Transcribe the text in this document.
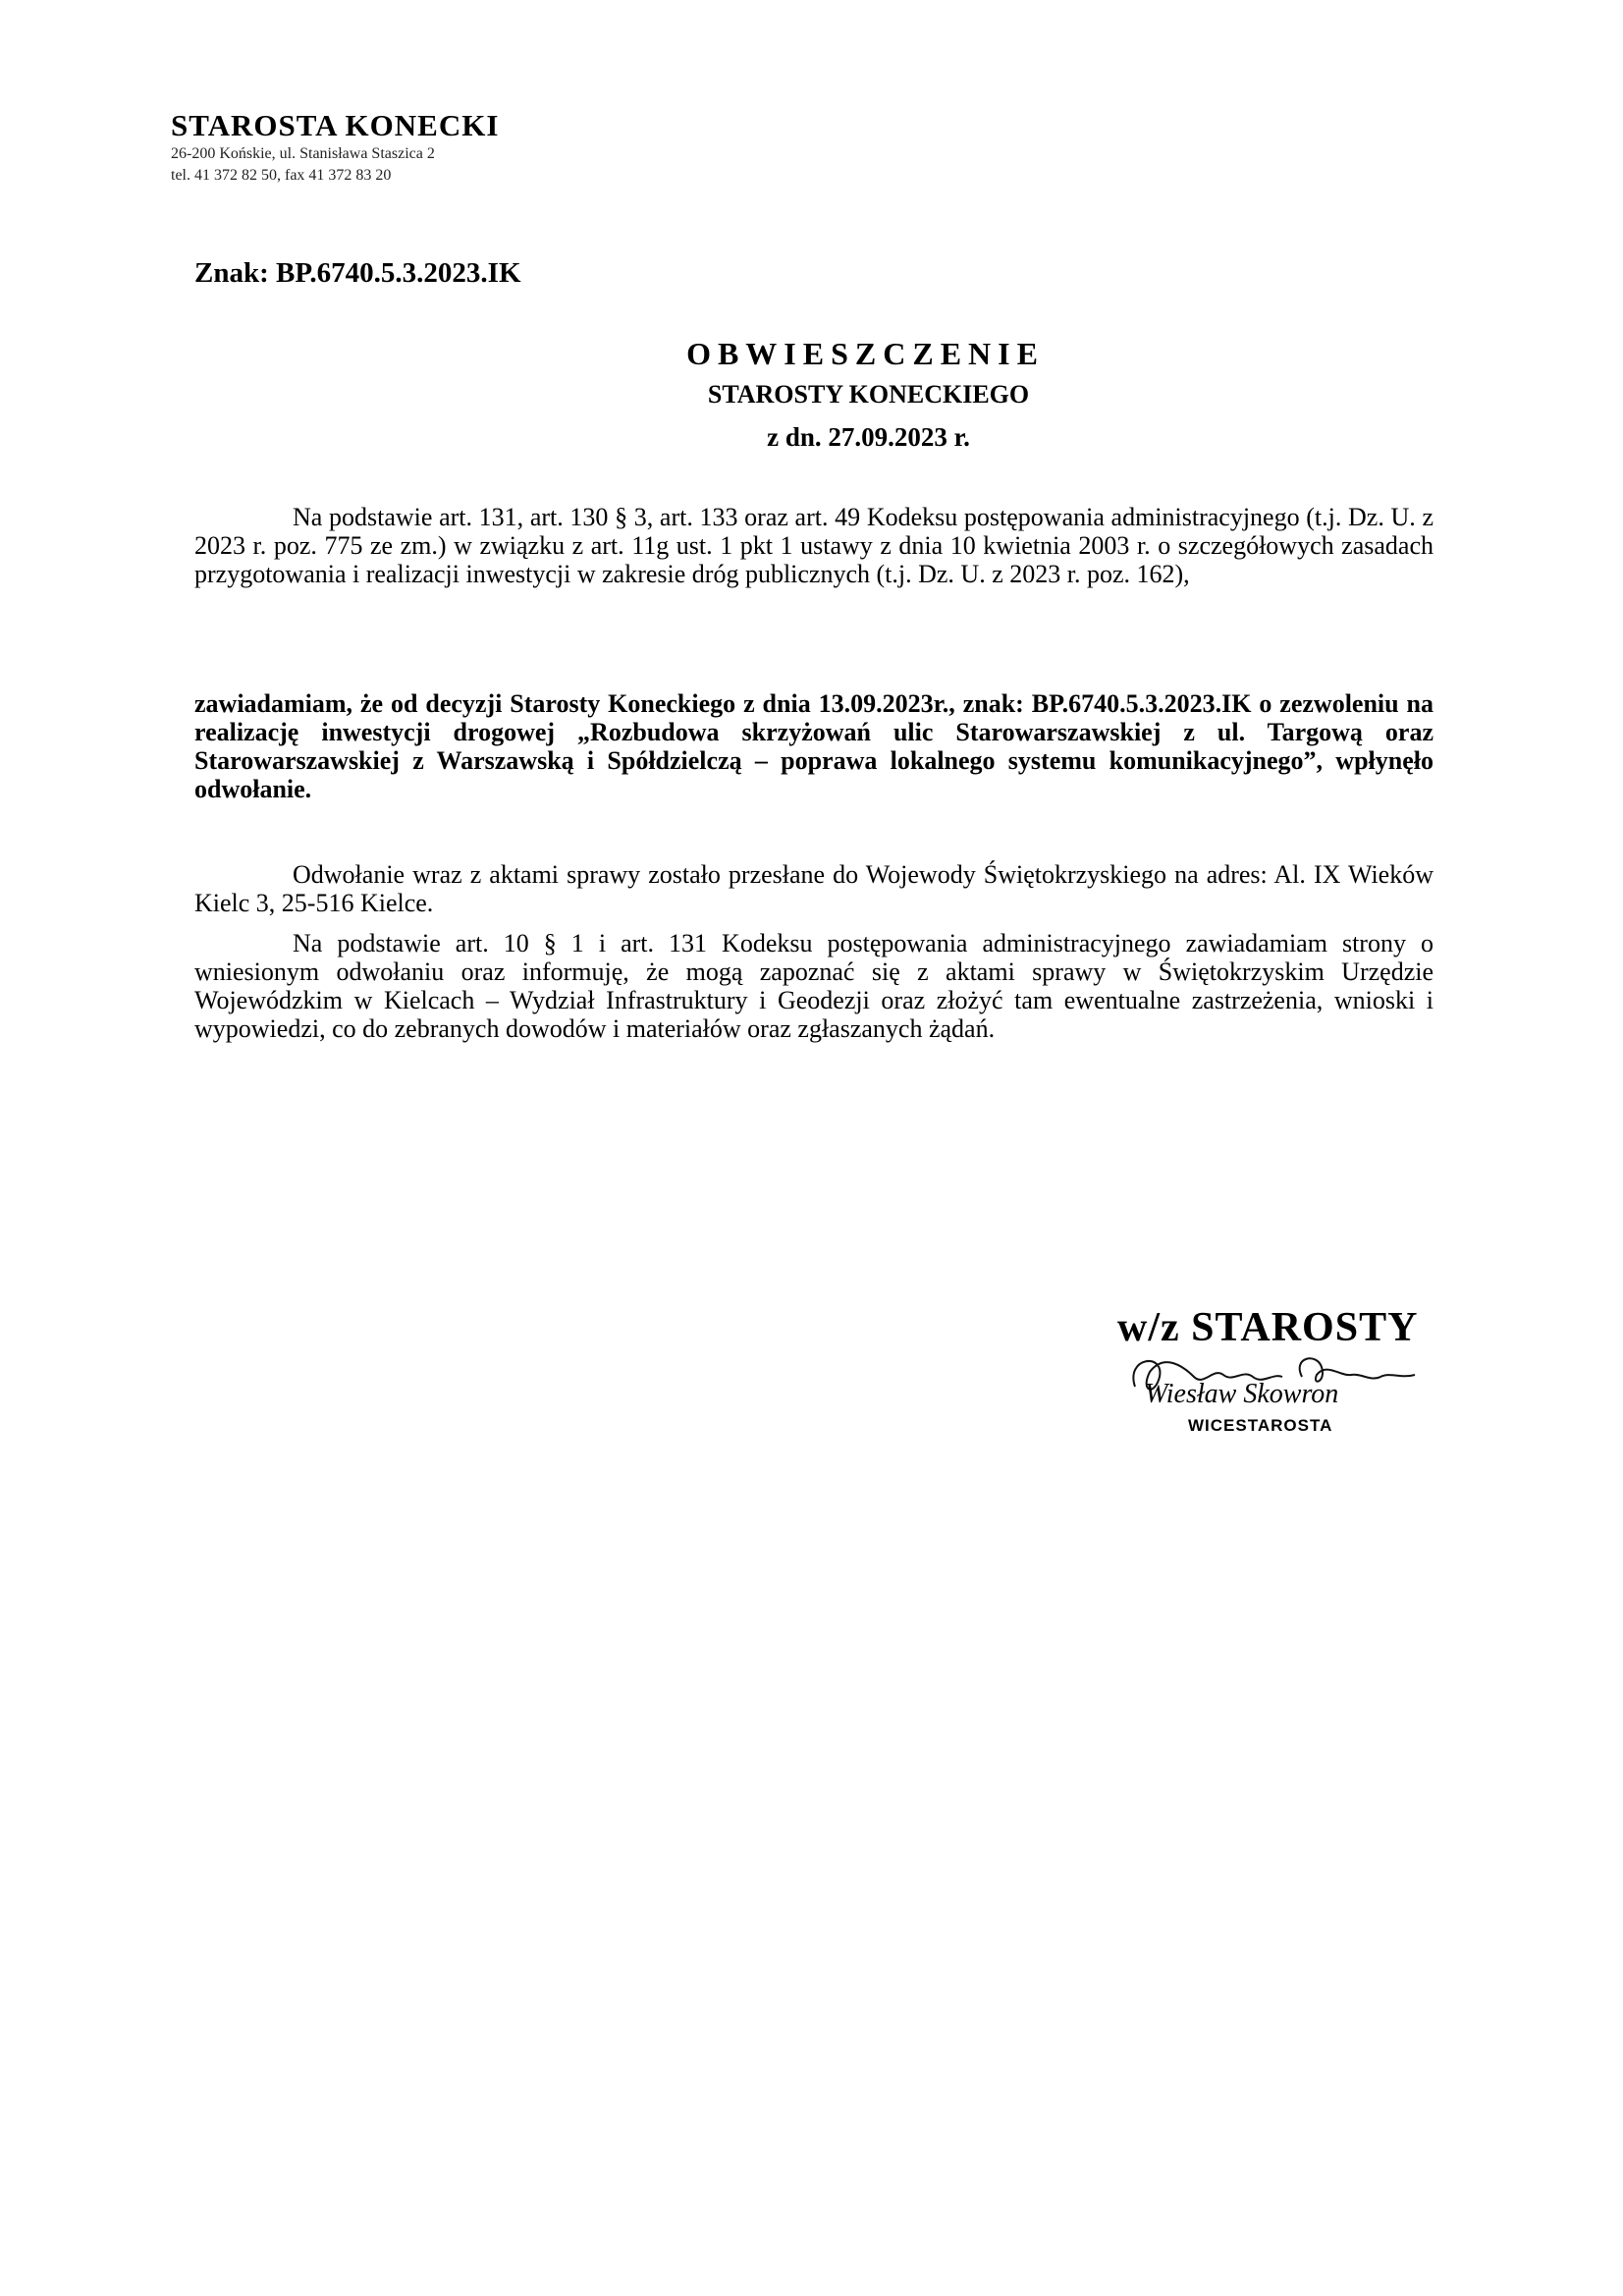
STAROSTA KONECKI
26-200 Końskie, ul. Stanisława Staszica 2
tel. 41 372 82 50, fax 41 372 83 20
Znak: BP.6740.5.3.2023.IK
OBWIESZCZENIE
STAROSTY KONECKIEGO
z dn. 27.09.2023 r.

Na podstawie art. 131, art. 130 § 3, art. 133 oraz art. 49 Kodeksu postępowania administracyjnego (t.j. Dz. U. z 2023 r. poz. 775 ze zm.) w związku z art. 11g ust. 1 pkt 1 ustawy z dnia 10 kwietnia 2003 r. o szczegółowych zasadach przygotowania i realizacji inwestycji w zakresie dróg publicznych (t.j. Dz. U. z 2023 r. poz. 162),

zawiadamiam, że od decyzji Starosty Koneckiego z dnia 13.09.2023r., znak: BP.6740.5.3.2023.IK o zezwoleniu na realizację inwestycji drogowej „Rozbudowa skrzyżowań ulic Starowarszawskiej z ul. Targową oraz Starowarszawskiej z Warszawską i Spółdzielczą – poprawa lokalnego systemu komunikacyjnego”, wpłynęło odwołanie.

Odwołanie wraz z aktami sprawy zostało przesłane do Wojewody Świętokrzyskiego na adres: Al. IX Wieków Kielc 3, 25-516 Kielce.

Na podstawie art. 10 § 1 i art. 131 Kodeksu postępowania administracyjnego zawiadamiam strony o wniesionym odwołaniu oraz informuję, że mogą zapoznać się z aktami sprawy w Świętokrzyskim Urzędzie Wojewódzkim w Kielcach – Wydział Infrastruktury i Geodezji oraz złożyć tam ewentualne zastrzeżenia, wnioski i wypowiedzi, co do zebranych dowodów i materiałów oraz zgłaszanych żądań.

w/z STAROSTY
Wiesław Skowron
WICESTAROSTA
